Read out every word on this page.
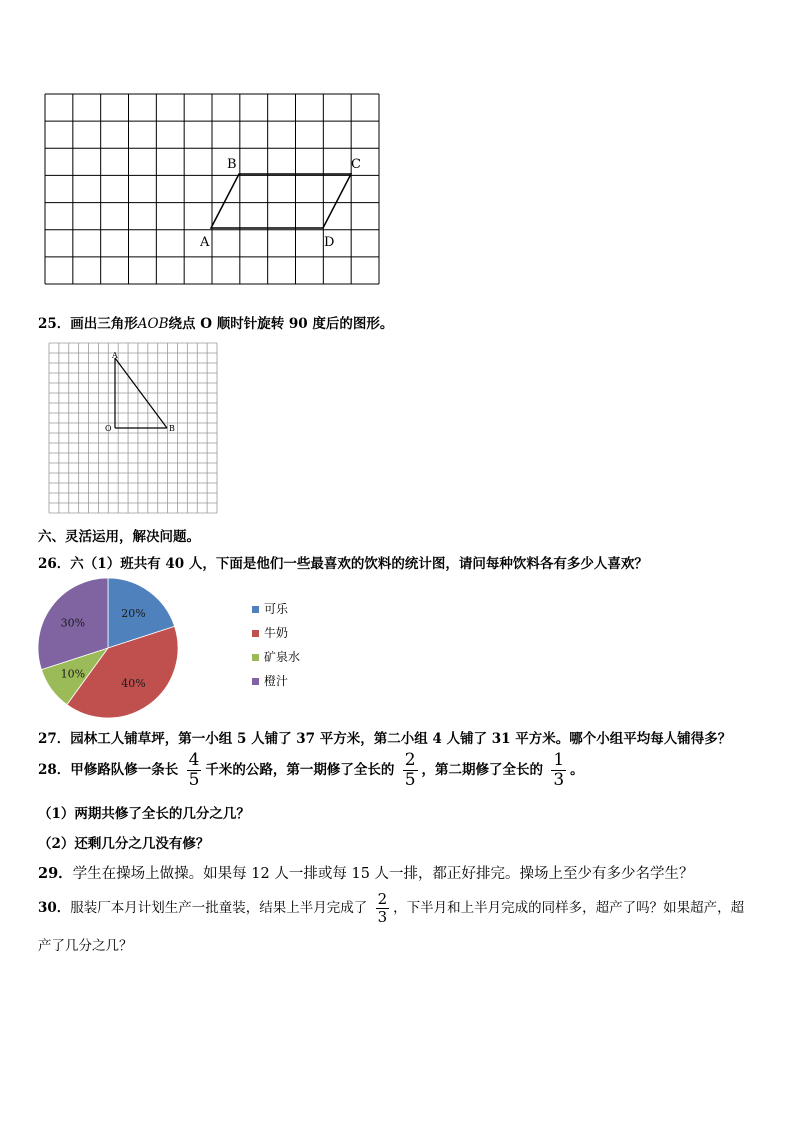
B	C
A	D
25．画出三角形AOB绕点 O 顺时针旋转 90 度后的图形。
A
O	B
六、灵活运用，解决问题。
26．六（1）班共有 40 人，下面是他们一些最喜欢的饮料的统计图，请问每种饮料各有多少人喜欢？
20%
40%
10%
30%
可乐
牛奶
矿泉水
橙汁
27．园林工人铺草坪，第一小组 5 人铺了 37 平方米，第二小组 4 人铺了 31 平方米。哪个小组平均每人铺得多？
28．甲修路队修一条长 $\frac{4}{5}$ 千米的公路，第一期修了全长的 $\frac{2}{5}$ ，第二期修了全长的 $\frac{1}{3}$ 。
（1）两期共修了全长的几分之几？
（2）还剩几分之几没有修？
29．学生在操场上做操。如果每 12 人一排或每 15 人一排，都正好排完。操场上至少有多少名学生？
30．服装厂本月计划生产一批童装，结果上半月完成了 $\frac{2}{3}$ ，下半月和上半月完成的同样多，超产了吗？如果超产，超
产了几分之几？
